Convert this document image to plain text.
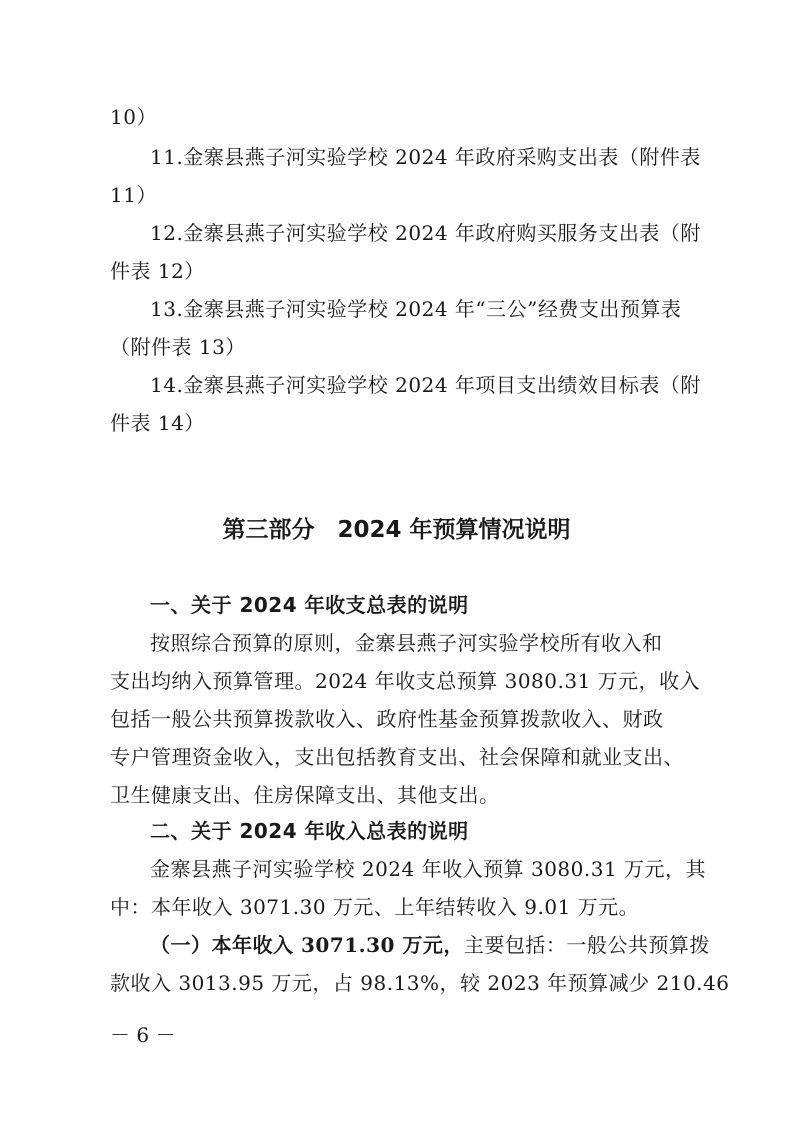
10）
11.金寨县燕子河实验学校 2024 年政府采购支出表（附件表
11）
12.金寨县燕子河实验学校 2024 年政府购买服务支出表（附
件表 12）
13.金寨县燕子河实验学校 2024 年“三公”经费支出预算表
（附件表 13）
14.金寨县燕子河实验学校 2024 年项目支出绩效目标表（附
件表 14）
第三部分　2024 年预算情况说明
一、关于 2024 年收支总表的说明
按照综合预算的原则，金寨县燕子河实验学校所有收入和
支出均纳入预算管理。2024 年收支总预算 3080.31 万元，收入
包括一般公共预算拨款收入、政府性基金预算拨款收入、财政
专户管理资金收入，支出包括教育支出、社会保障和就业支出、
卫生健康支出、住房保障支出、其他支出。
二、关于 2024 年收入总表的说明
金寨县燕子河实验学校 2024 年收入预算 3080.31 万元，其
中：本年收入 3071.30 万元、上年结转收入 9.01 万元。
（一）本年收入 3071.30 万元，主要包括：一般公共预算拨
款收入 3013.95 万元，占 98.13%，较 2023 年预算减少 210.46
－ 6 －
